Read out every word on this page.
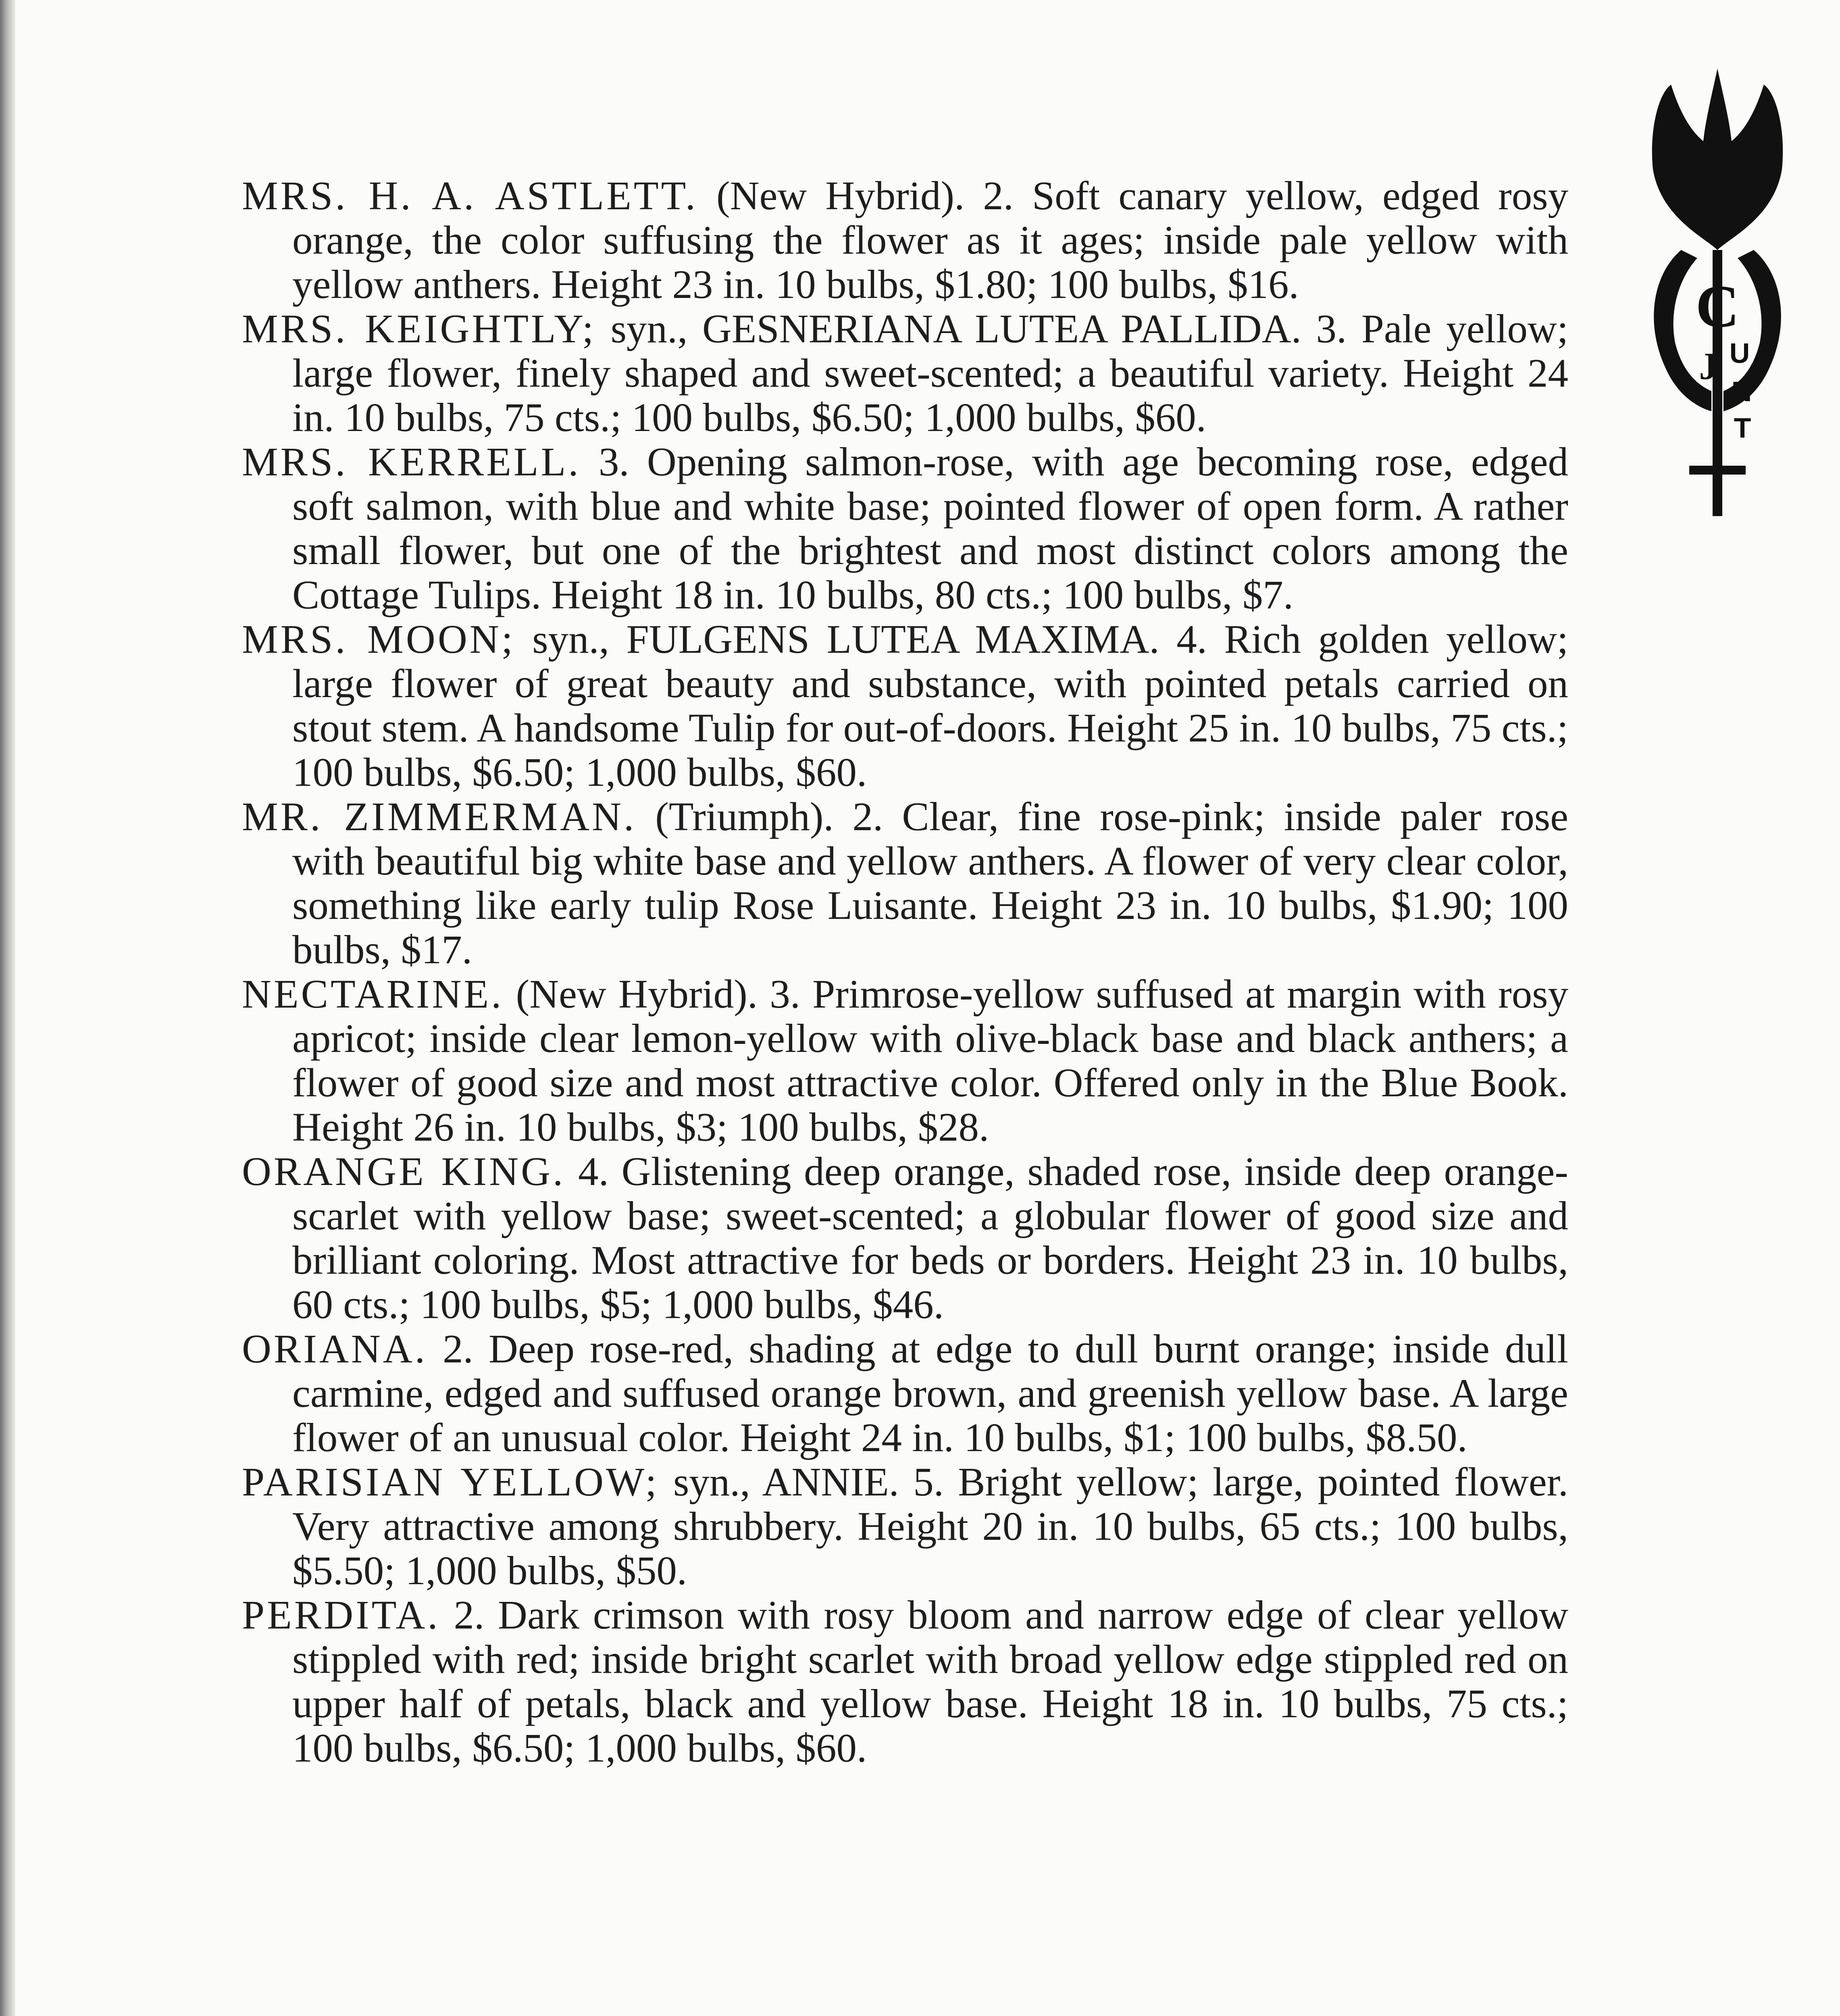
C
J U
N
T

MRS. H. A. ASTLETT. (New Hybrid). 2. Soft canary yellow, edged rosy orange, the color suffusing the flower as it ages; inside pale yellow with yellow anthers. Height 23 in. 10 bulbs, $1.80; 100 bulbs, $16.

MRS. KEIGHTLY; syn., GESNERIANA LUTEA PALLIDA. 3. Pale yellow; large flower, finely shaped and sweet-scented; a beautiful variety. Height 24 in. 10 bulbs, 75 cts.; 100 bulbs, $6.50; 1,000 bulbs, $60.

MRS. KERRELL. 3. Opening salmon-rose, with age becoming rose, edged soft salmon, with blue and white base; pointed flower of open form. A rather small flower, but one of the brightest and most distinct colors among the Cottage Tulips. Height 18 in. 10 bulbs, 80 cts.; 100 bulbs, $7.

MRS. MOON; syn., FULGENS LUTEA MAXIMA. 4. Rich golden yellow; large flower of great beauty and substance, with pointed petals carried on stout stem. A handsome Tulip for out-of-doors. Height 25 in. 10 bulbs, 75 cts.; 100 bulbs, $6.50; 1,000 bulbs, $60.

MR. ZIMMERMAN. (Triumph). 2. Clear, fine rose-pink; inside paler rose with beautiful big white base and yellow anthers. A flower of very clear color, something like early tulip Rose Luisante. Height 23 in. 10 bulbs, $1.90; 100 bulbs, $17.

NECTARINE. (New Hybrid). 3. Primrose-yellow suffused at margin with rosy apricot; inside clear lemon-yellow with olive-black base and black anthers; a flower of good size and most attractive color. Offered only in the Blue Book. Height 26 in. 10 bulbs, $3; 100 bulbs, $28.

ORANGE KING. 4. Glistening deep orange, shaded rose, inside deep orange-scarlet with yellow base; sweet-scented; a globular flower of good size and brilliant coloring. Most attractive for beds or borders. Height 23 in. 10 bulbs, 60 cts.; 100 bulbs, $5; 1,000 bulbs, $46.

ORIANA. 2. Deep rose-red, shading at edge to dull burnt orange; inside dull carmine, edged and suffused orange brown, and greenish yellow base. A large flower of an unusual color. Height 24 in. 10 bulbs, $1; 100 bulbs, $8.50.

PARISIAN YELLOW; syn., ANNIE. 5. Bright yellow; large, pointed flower. Very attractive among shrubbery. Height 20 in. 10 bulbs, 65 cts.; 100 bulbs, $5.50; 1,000 bulbs, $50.

PERDITA. 2. Dark crimson with rosy bloom and narrow edge of clear yellow stippled with red; inside bright scarlet with broad yellow edge stippled red on upper half of petals, black and yellow base. Height 18 in. 10 bulbs, 75 cts.; 100 bulbs, $6.50; 1,000 bulbs, $60.
